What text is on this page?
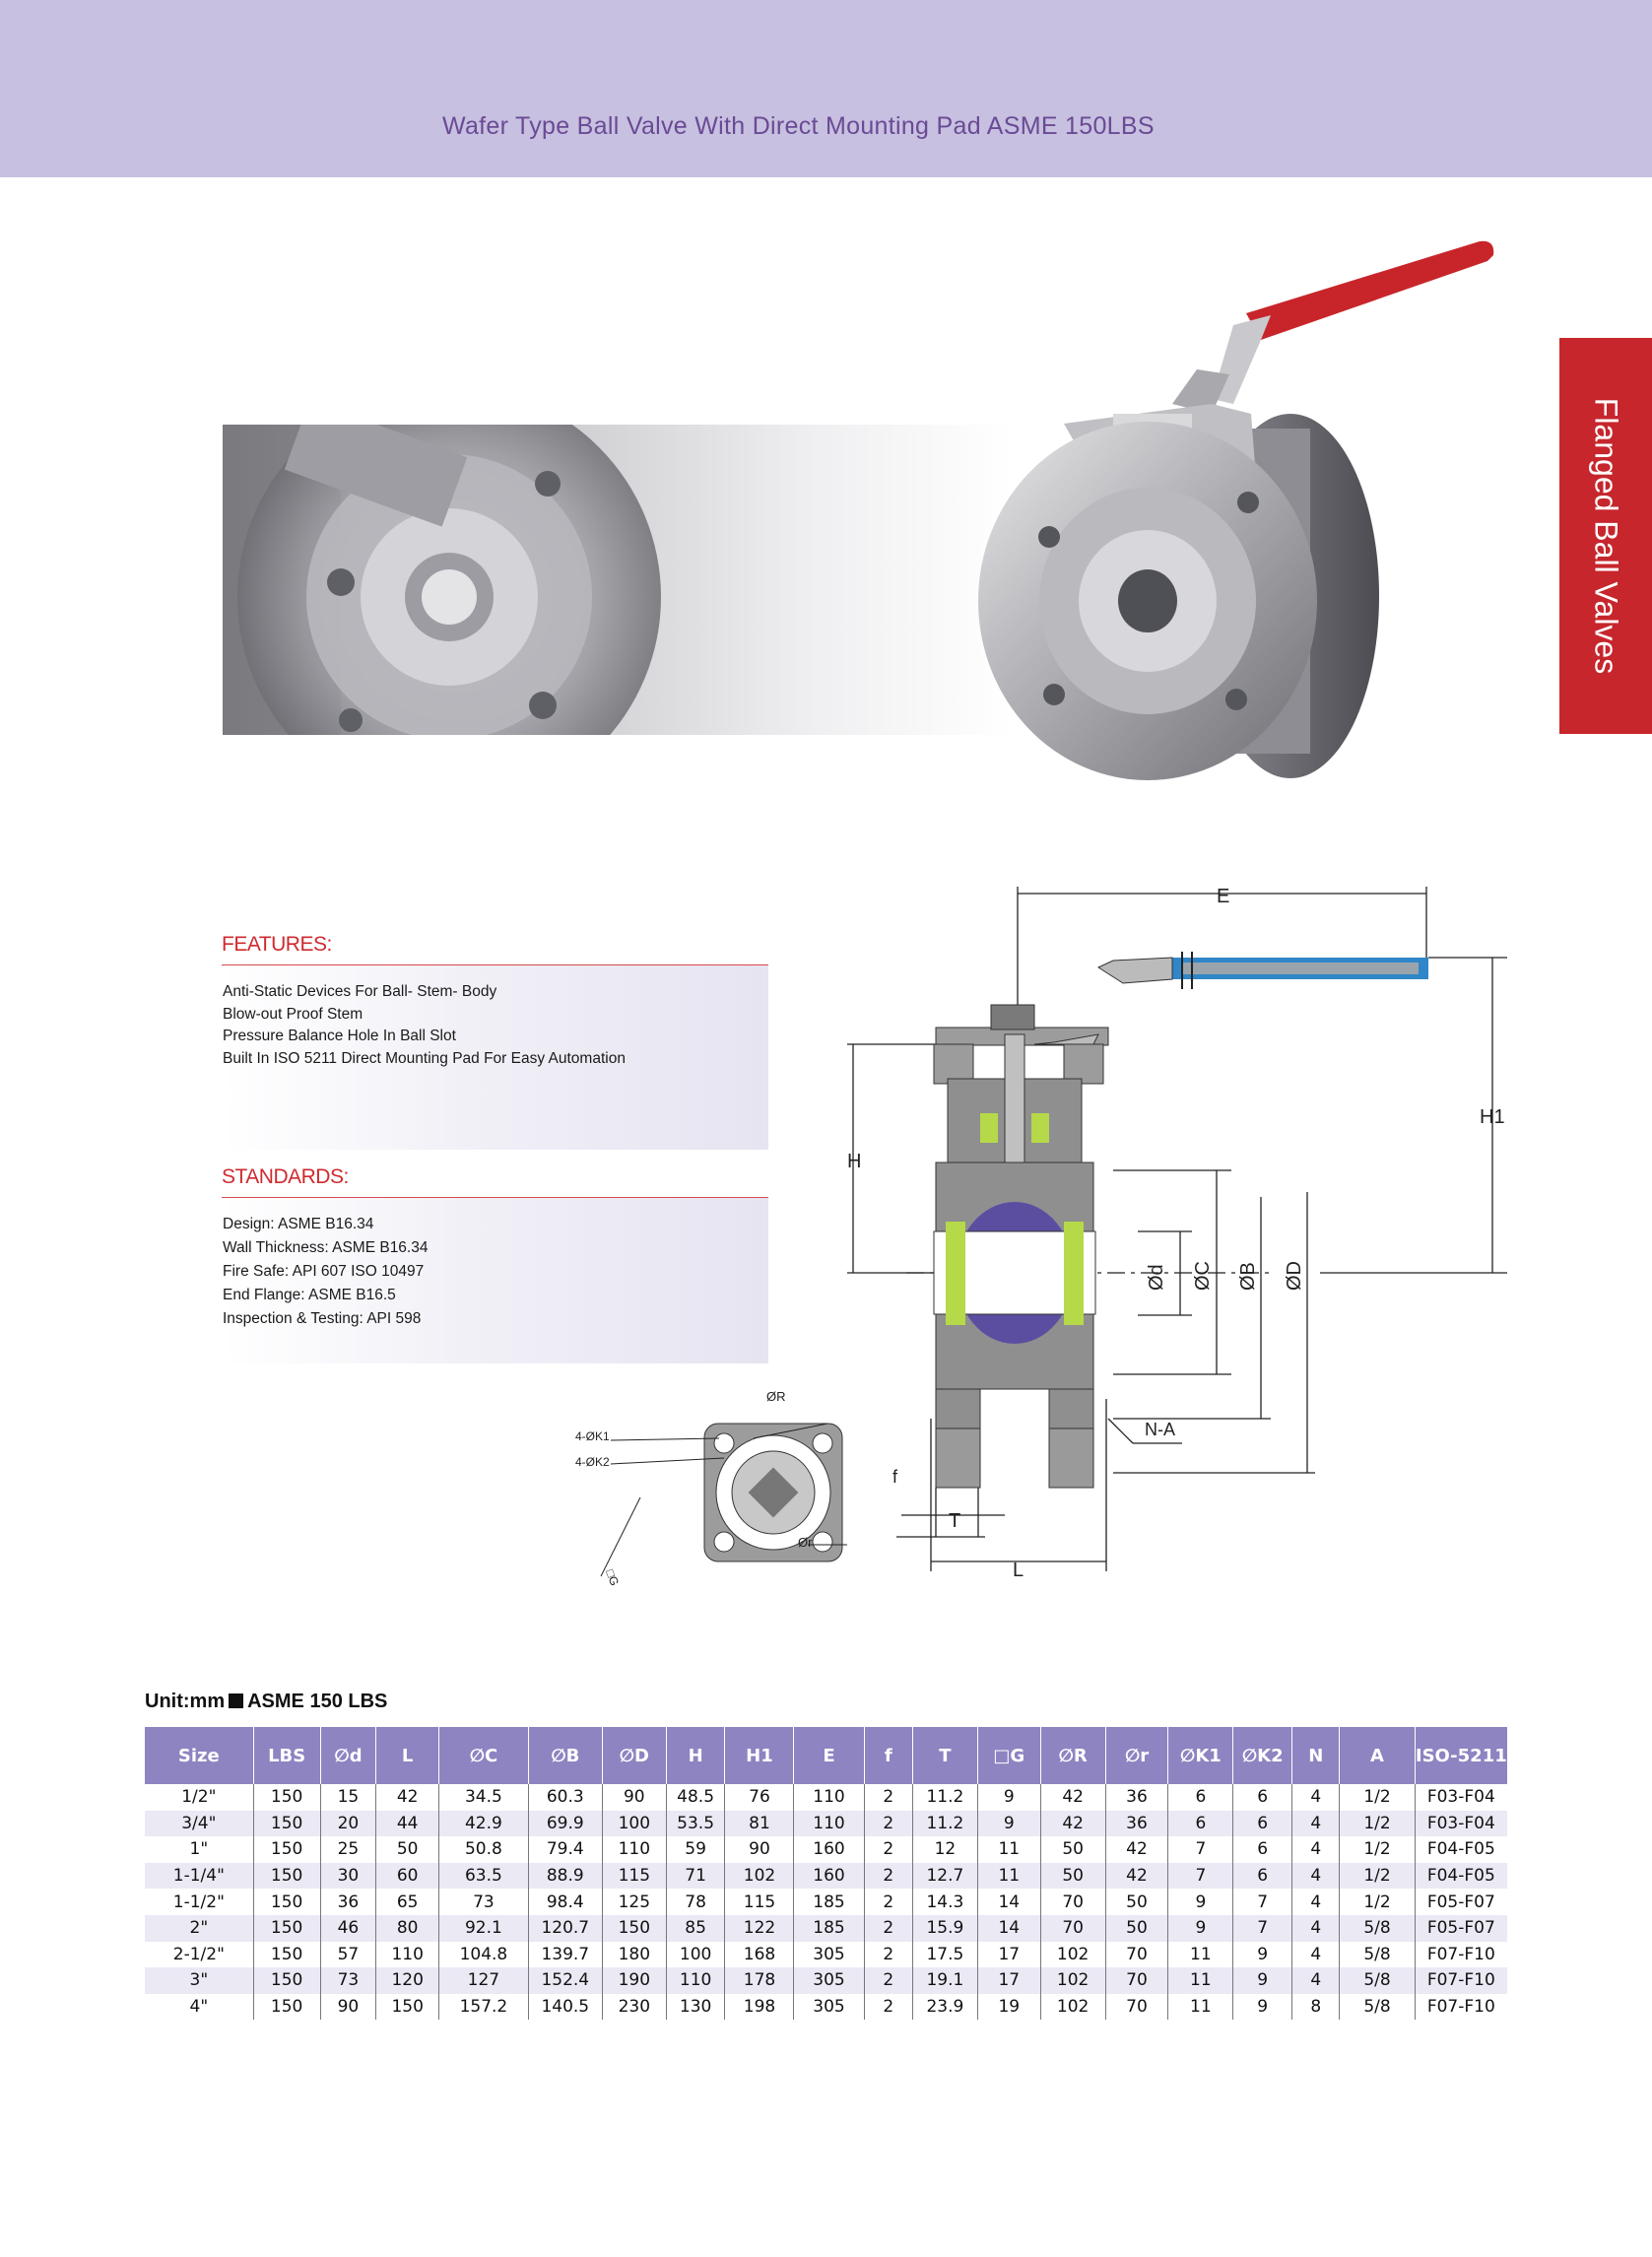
Wafer Type Ball Valve With Direct Mounting Pad ASME 150LBS
Flanged Ball Valves
FEATURES:
Anti-Static Devices For Ball- Stem- Body
Blow-out Proof Stem
Pressure Balance Hole In Ball Slot
Built In ISO 5211 Direct Mounting Pad For Easy Automation
STANDARDS:
Design: ASME B16.34
Wall Thickness: ASME B16.34
Fire Safe: API 607 ISO 10497
End Flange: ASME B16.5
Inspection & Testing: API 598
E
H1
H
Ød ØC ØB ØD
N-A
f
T
L
ØR
Ør
4-ØK1
4-ØK2
□G
Unit:mm ASME 150 LBS
Size	LBS	∅d	L	∅C	∅B	∅D	H	H1	E	f	T	□G	∅R	∅r	∅K1	∅K2	N	A	ISO-5211
1/2"	150	15	42	34.5	60.3	90	48.5	76	110	2	11.2	9	42	36	6	6	4	1/2	F03-F04
3/4"	150	20	44	42.9	69.9	100	53.5	81	110	2	11.2	9	42	36	6	6	4	1/2	F03-F04
1"	150	25	50	50.8	79.4	110	59	90	160	2	12	11	50	42	7	6	4	1/2	F04-F05
1-1/4"	150	30	60	63.5	88.9	115	71	102	160	2	12.7	11	50	42	7	6	4	1/2	F04-F05
1-1/2"	150	36	65	73	98.4	125	78	115	185	2	14.3	14	70	50	9	7	4	1/2	F05-F07
2"	150	46	80	92.1	120.7	150	85	122	185	2	15.9	14	70	50	9	7	4	5/8	F05-F07
2-1/2"	150	57	110	104.8	139.7	180	100	168	305	2	17.5	17	102	70	11	9	4	5/8	F07-F10
3"	150	73	120	127	152.4	190	110	178	305	2	19.1	17	102	70	11	9	4	5/8	F07-F10
4"	150	90	150	157.2	140.5	230	130	198	305	2	23.9	19	102	70	11	9	8	5/8	F07-F10
